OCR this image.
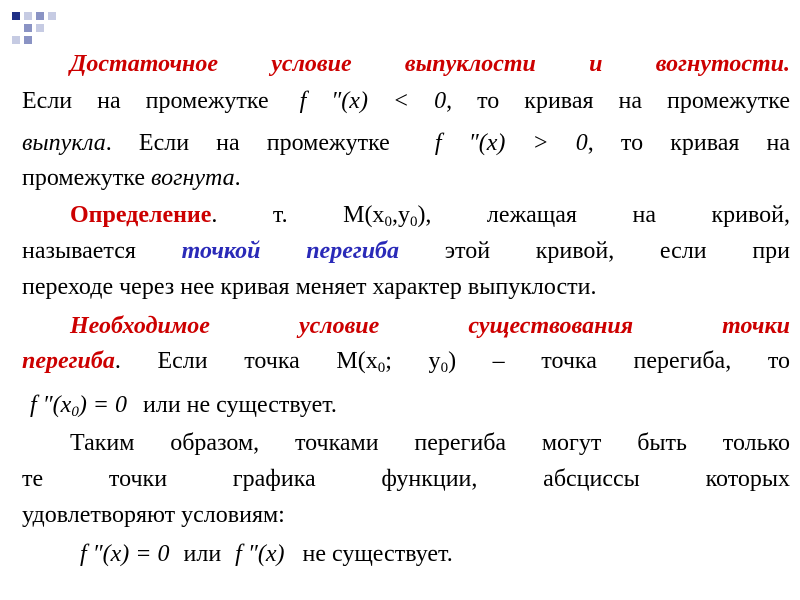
Достаточное условие выпуклости и вогнутости.
Если на промежутке f ″(x) < 0, то кривая на промежутке
выпукла. Если на промежутке f ″(x) > 0, то кривая на
промежутке вогнута.
Определение. т. $M(x_0,y_0)$, лежащая на кривой,
называется точкой перегиба этой кривой, если при
переходе через нее кривая меняет характер выпуклости.
Необходимое условие существования точки
перегиба. Если точка $M(x_0$; $y_0$) – точка перегиба, то
f $''(x_0) = 0$ или не существует.
Таким образом, точками перегиба могут быть только
те точки графика функции, абсциссы которых
удовлетворяют условиям:
f ″(x) = 0 или f ″(x) не существует.
